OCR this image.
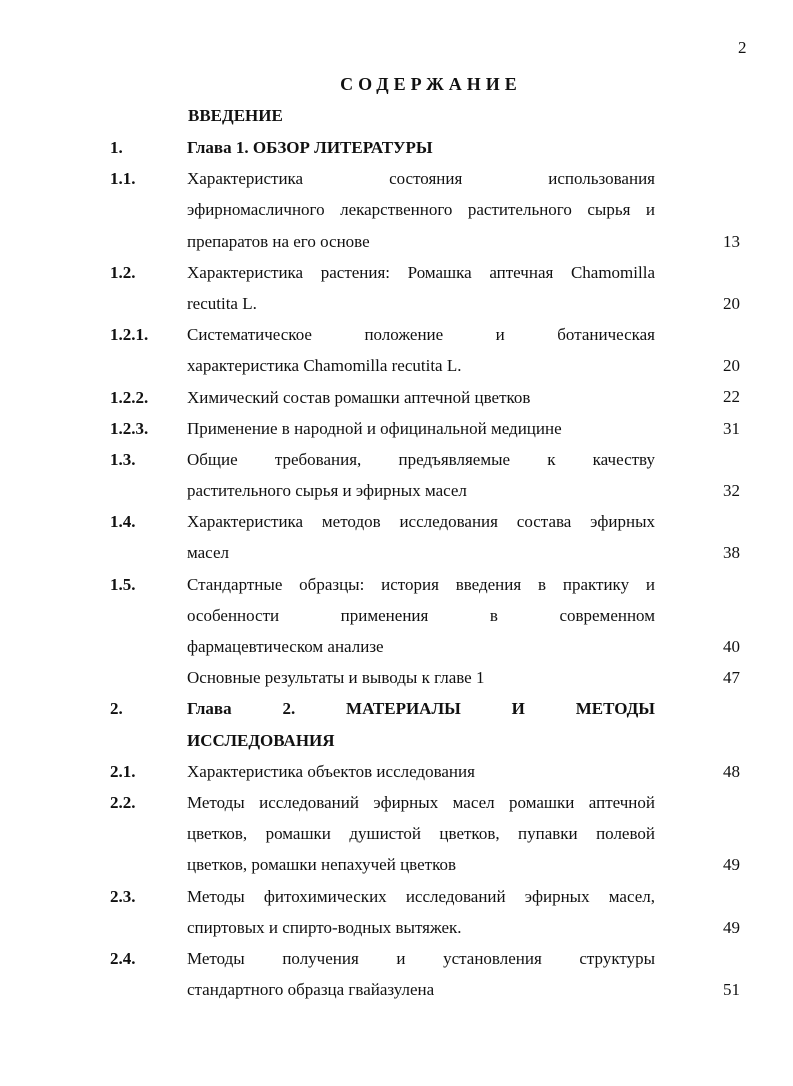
2
СОДЕРЖАНИЕ
ВВЕДЕНИЕ
1.	Глава 1. ОБЗОР ЛИТЕРАТУРЫ
1.1.	Характеристика состояния использования
эфирномасличного лекарственного растительного сырья и
препаратов на его основе	13
1.2.	Характеристика растения: Ромашка аптечная Chamomilla
recutita L.	20
1.2.1. Систематическое положение и ботаническая
характеристика Chamomilla recutita L.	20
1.2.2. Химический состав ромашки аптечной цветков	22
1.2.3. Применение в народной и официнальной медицине	31
1.3.	Общие требования, предъявляемые к качеству
растительного сырья и эфирных масел	32
1.4.	Характеристика методов исследования состава эфирных
масел	38
1.5.	Стандартные образцы: история введения в практику и
особенности применения в современном
фармацевтическом анализе	40
Основные результаты и выводы к главе 1	47
2.	Глава 2. МАТЕРИАЛЫ И МЕТОДЫ
ИССЛЕДОВАНИЯ
2.1.	Характеристика объектов исследования	48
2.2.	Методы исследований эфирных масел ромашки аптечной
цветков, ромашки душистой цветков, пупавки полевой
цветков, ромашки непахучей цветков	49
2.3.	Методы фитохимических исследований эфирных масел,
спиртовых и спирто-водных вытяжек.	49
2.4.	Методы получения и установления структуры
стандартного образца гвайазулена	51
